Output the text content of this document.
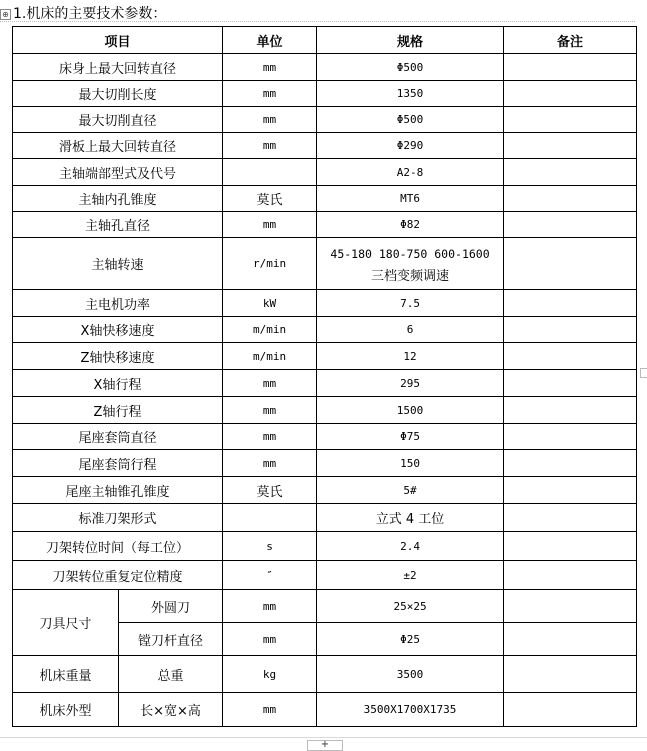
⊕ 1.机床的主要技术参数：
项目		单位	规格	备注
床身上最大回转直径		mm	Φ500	
最大切削长度		mm	1350	
最大切削直径		mm	Φ500	
滑板上最大回转直径		mm	Φ290	
主轴端部型式及代号			A2-8	
主轴内孔锥度		莫氏	MT6	
主轴孔直径		mm	Φ82	
主轴转速		r/min	45-180 180-750 600-1600
三档变频调速	

主电机功率		kW	7.5	
X轴快移速度		m/min	6	
Z轴快移速度		m/min	12	
X轴行程		mm	295	
Z轴行程		mm	1500	
尾座套筒直径		mm	Φ75	
尾座套筒行程		mm	150	
尾座主轴锥孔锥度		莫氏	5#	
标准刀架形式			立式 4 工位	
刀架转位时间（每工位）		s	2.4	
刀架转位重复定位精度		″	±2	
刀具尺寸	外圆刀	mm	25×25	
	镗刀杆直径	mm	Φ25	
机床重量	总重	kg	3500	
机床外型	长×宽×高	mm	3500X1700X1735	
+
